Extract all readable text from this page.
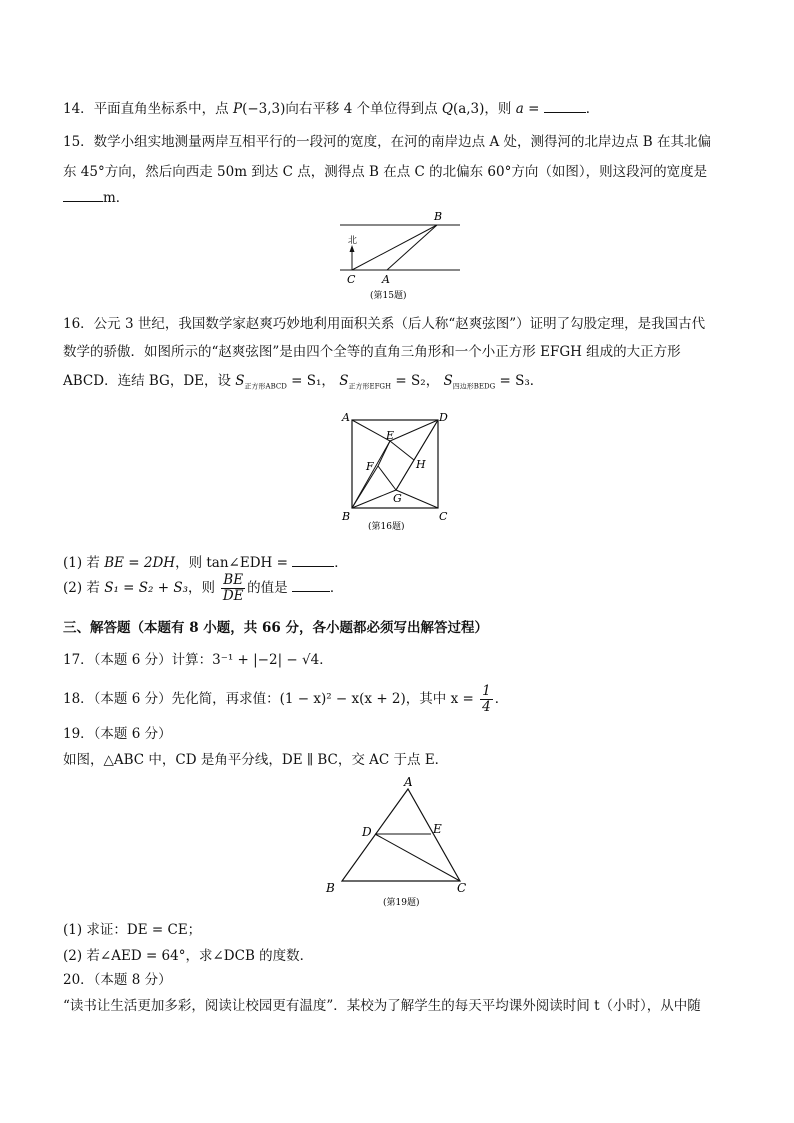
14．平面直角坐标系中，点 P(−3,3)向右平移 4 个单位得到点 Q(a,3)，则 a =	．
15．数学小组实地测量两岸互相平行的一段河的宽度，在河的南岸边点 A 处，测得河的北岸边点 B 在其北偏
东 45°方向，然后向西走 50m 到达 C 点，测得点 B 在点 C 的北偏东 60°方向（如图），则这段河的宽度是
m．
北
B
C A
(第15题)
16．公元 3 世纪，我国数学家赵爽巧妙地利用面积关系（后人称“赵爽弦图”）证明了勾股定理，是我国古代
数学的骄傲．如图所示的“赵爽弦图”是由四个全等的直角三角形和一个小正方形 EFGH 组成的大正方形
ABCD．连结 BG，DE，设 $S_{正方形ABCD} = S_1$， $S_{正方形EFGH} = S_2$， $S_{四边形BEDG} = S_3$．
A	D
B	C
E
F
G
H
(第16题)
(1) 若 BE = 2DH，则 tan∠EDH =	．
(2) 若 S₁ = S₂ + S₃，则 $\frac{BE}{DE}$ 的值是	．
三、解答题（本题有 8 小题，共 66 分，各小题都必须写出解答过程）
17．（本题 6 分）计算：3⁻¹ + |−2| − √4．
18．（本题 6 分）先化简，再求值：(1 − x)² − x(x + 2)，其中 $x = \frac{1}{4}$ ．
19．（本题 6 分）
如图，△ABC 中，CD 是角平分线，DE ∥ BC，交 AC 于点 E．
A
B	C
D	E
(第19题)
(1) 求证：DE = CE；
(2) 若∠AED = 64°，求∠DCB 的度数．
20．（本题 8 分）
“读书让生活更加多彩，阅读让校园更有温度”．某校为了解学生的每天平均课外阅读时间 t（小时），从中随
